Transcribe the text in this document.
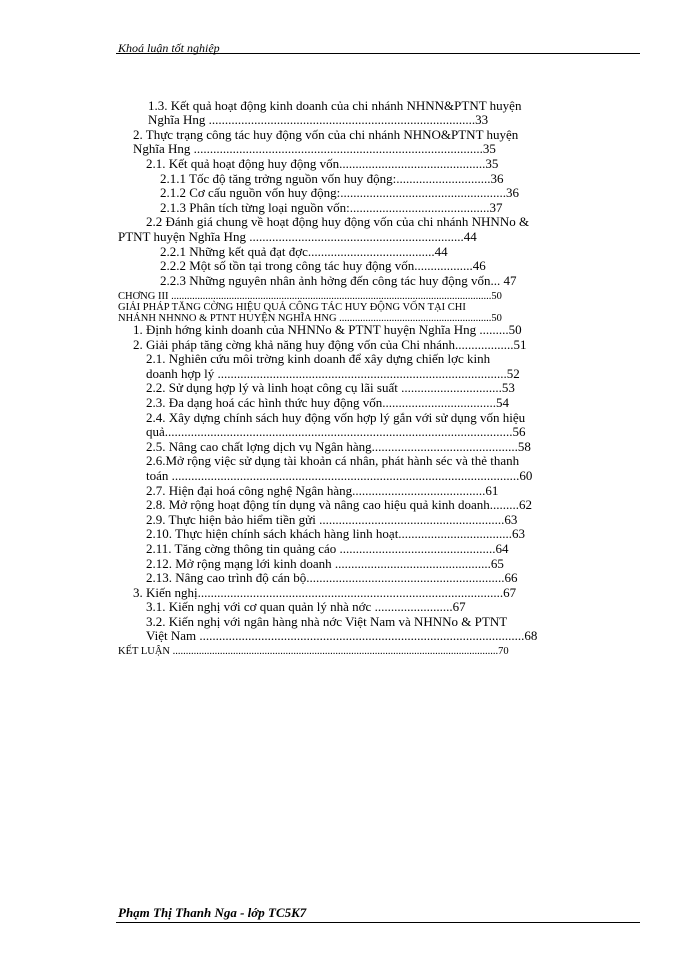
Khoá luận tốt nghiệp
1.3. Kết quả hoạt động kinh doanh của chi nhánh NHNN&PTNT huyện
Nghĩa Hng ..................................................................................33
2. Thực trạng công tác huy động vốn của chi nhánh NHNO&PTNT huyện
Nghĩa Hng .........................................................................................35
2.1. Kết quả hoạt động huy động vốn.............................................35
2.1.1 Tốc độ tăng trởng nguồn vốn huy động:.............................36
2.1.2 Cơ cấu nguồn vốn huy động:...................................................36
2.1.3 Phân tích từng loại nguồn vốn:...........................................37
2.2 Đánh giá chung về hoạt động huy động vốn của chi nhánh NHNNo &
PTNT huyện Nghĩa Hng ..................................................................44
2.2.1 Những kết quả đạt đợc.......................................44
2.2.2 Một số tồn tại trong công tác huy động vốn..................46
2.2.3 Những nguyên nhân ảnh hởng đến công tác huy động vốn... 47
CHƠNG III ..........................................................................................................................50
GIẢI PHÁP TĂNG CỜNG HIỆU QUẢ CÔNG TÁC HUY ĐỘNG VỐN TẠI CHI
NHÁNH NHNNO & PTNT HUYỆN NGHĨA HNG ..........................................................50
1. Định hớng kinh doanh của NHNNo & PTNT huyện Nghĩa Hng .........50
2. Giải pháp tăng cờng khả năng huy động vốn của Chi nhánh..................51
2.1. Nghiên cứu môi trờng kinh doanh để xây dựng chiến lợc kinh
doanh hợp lý .........................................................................................52
2.2. Sử dụng hợp lý và linh hoạt công cụ lãi suất ...............................53
2.3. Đa dạng hoá các hình thức huy động vốn...................................54
2.4. Xây dựng chính sách huy động vốn hợp lý gắn với sử dụng vốn hiệu
quả...........................................................................................................56
2.5. Nâng cao chất lợng dịch vụ Ngân hàng.............................................58
2.6.Mở rộng việc sử dụng tài khoản cá nhân, phát hành séc và thẻ thanh
toán ...........................................................................................................60
2.7. Hiện đại hoá công nghệ Ngân hàng.........................................61
2.8. Mở rộng hoạt động tín dụng và nâng cao hiệu quả kinh doanh.........62
2.9. Thực hiện bảo hiểm tiền gửi .........................................................63
2.10. Thực hiện chính sách khách hàng linh hoạt...................................63
2.11. Tăng cờng thông tin quảng cáo ................................................64
2.12. Mở rộng mạng lới kinh doanh ................................................65
2.13. Nâng cao trình độ cán bộ.............................................................66
3. Kiến nghị..............................................................................................67
3.1. Kiến nghị với cơ quan quản lý nhà nớc ........................67
3.2. Kiến nghị với ngân hàng nhà nớc Việt Nam và NHNNo & PTNT
Việt Nam ....................................................................................................68
KẾT LUẬN ............................................................................................................................70
Phạm Thị Thanh Nga - lớp TC5K7
